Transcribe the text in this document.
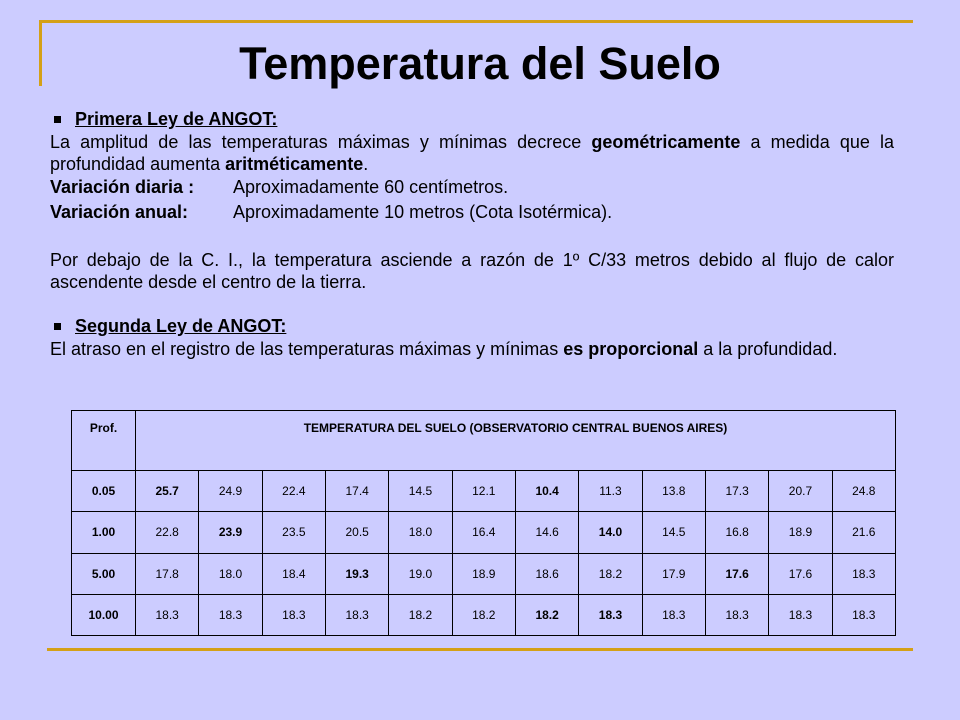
Temperatura del Suelo
Primera Ley de ANGOT:

La amplitud de las temperaturas máximas y mínimas decrece geométricamente a medida que la profundidad aumenta aritméticamente.

Variación diaria : Aproximadamente 60 centímetros.
Variación anual: Aproximadamente 10 metros (Cota Isotérmica).

Por debajo de la C. I., la temperatura asciende a razón de 1º C/33 metros debido al flujo de calor ascendente desde el centro de la tierra.

Segunda Ley de ANGOT:

El atraso en el registro de las temperaturas máximas y mínimas es proporcional a la profundidad.

Prof.	TEMPERATURA DEL SUELO (OBSERVATORIO CENTRAL BUENOS AIRES)											
0.05	25.7	24.9	22.4	17.4	14.5	12.1	10.4	11.3	13.8	17.3	20.7	24.8
1.00	22.8	23.9	23.5	20.5	18.0	16.4	14.6	14.0	14.5	16.8	18.9	21.6
5.00	17.8	18.0	18.4	19.3	19.0	18.9	18.6	18.2	17.9	17.6	17.6	18.3
10.00	18.3	18.3	18.3	18.3	18.2	18.2	18.2	18.3	18.3	18.3	18.3	18.3
